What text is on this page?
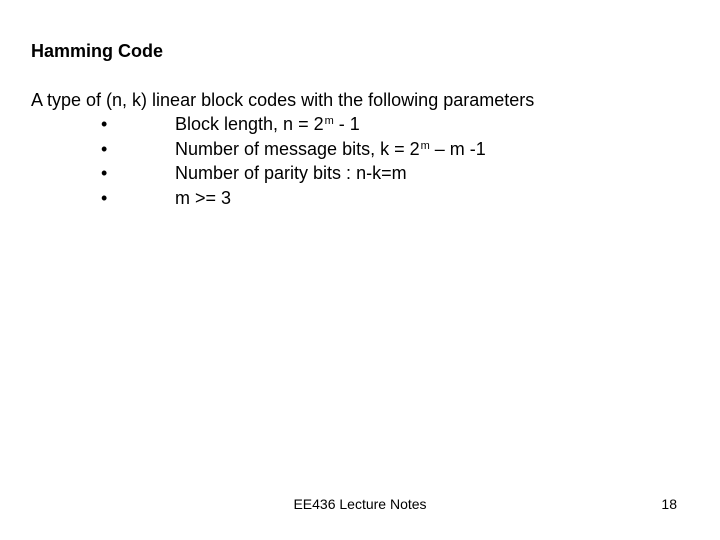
Hamming Code
A type of (n, k) linear block codes with the following parameters
•	Block length, $n = 2^m - 1$
•	Number of message bits, $k = 2^m - m$ -1
•	Number of parity bits : n-k=m
•	m >= 3
EE436 Lecture Notes	18
